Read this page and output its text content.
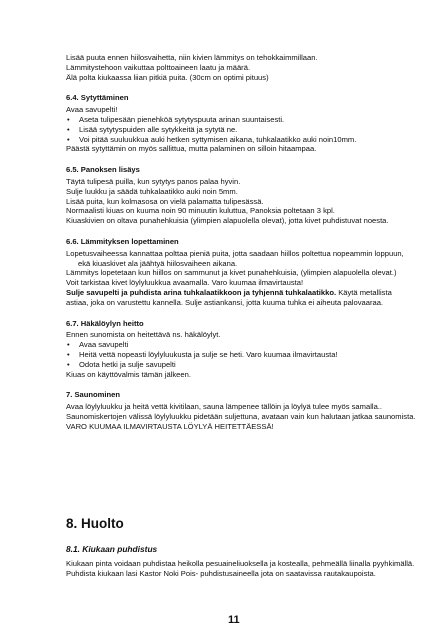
Lisää puuta ennen hiilosvaihetta, niin kivien lämmitys on tehokkaimmillaan.
Lämmitystehoon vaikuttaa polttoaineen laatu ja määrä.
Älä polta kiukaassa liian pitkiä puita. (30cm on optimi pituus)
6.4. Sytyttäminen
Avaa savupelti!
• Aseta tulipesään pienehköä sytytyspuuta arinan suuntaisesti.
• Lisää sytytyspuiden alle sytykkeitä ja sytytä ne.
• Voi pitää suuluukkua auki hetken syttymisen aikana, tuhkalaatikko auki noin10mm.
Päästä sytyttämin on myös sallittua, mutta palaminen on silloin hitaampaa.
6.5. Panoksen lisäys
Täytä tulipesä puilla, kun sytytys panos palaa hyvin.
Sulje luukku ja säädä tuhkalaatikko auki noin 5mm.
Lisää puita, kun kolmasosa on vielä palamatta tulipesässä.
Normaalisti kiuas on kuuma noin 90 minuutin kuluttua, Panoksia poltetaan 3 kpl.
Kiuaskivien on oltava punahehkuisia (ylimpien alapuolella olevat), jotta kivet puhdistuvat noesta.
6.6. Lämmityksen lopettaminen
Lopetusvaiheessa kannattaa polttaa pieniä puita, jotta saadaan hiillos poltettua nopeammin loppuun, ekä kiuaskivet ala jäähtyä hiilosvaiheen aikana.
Lämmitys lopetetaan kun hiillos on sammunut ja kivet punahehkuisia, (ylimpien alapuolella olevat.)
Voit tarkistaa kivet löylyluukkua avaamalla. Varo kuumaa ilmavirtausta!
Sulje savupelti ja puhdista arina tuhkalaatikkoon ja tyhjennä tuhkalaatikko. Käytä metallista astiaa, joka on varustettu kannella. Sulje astiankansi, jotta kuuma tuhka ei aiheuta palovaaraa.
6.7. Häkälöylyn heitto
Ennen sunomista on heitettävä ns. häkälöylyt.
• Avaa savupelti
• Heitä vettä nopeasti löylyluukusta ja sulje se heti. Varo kuumaa ilmavirtausta!
• Odota hetki ja sulje savupelti
Kiuas on käyttövalmis tämän jälkeen.
7. Saunominen
Avaa löylyluukku ja heitä vettä kivitilaan, sauna lämpenee tällöin ja löylyä tulee myös samalla..
Saunomiskertojen välissä löylyluukku pidetään suljettuna, avataan vain kun halutaan jatkaa saunomista.
VARO KUUMAA ILMAVIRTAUSTA LÖYLYÄ HEITETTÄESSÄ!
8. Huolto
8.1. Kiukaan puhdistus
Kiukaan pinta voidaan puhdistaa heikolla pesuaineliuoksella ja kostealla, pehmeällä liinalla pyyhkimällä.
Puhdista kiukaan lasi Kastor Noki Pois- puhdistusaineella jota on saatavissa rautakaupoista.
11
